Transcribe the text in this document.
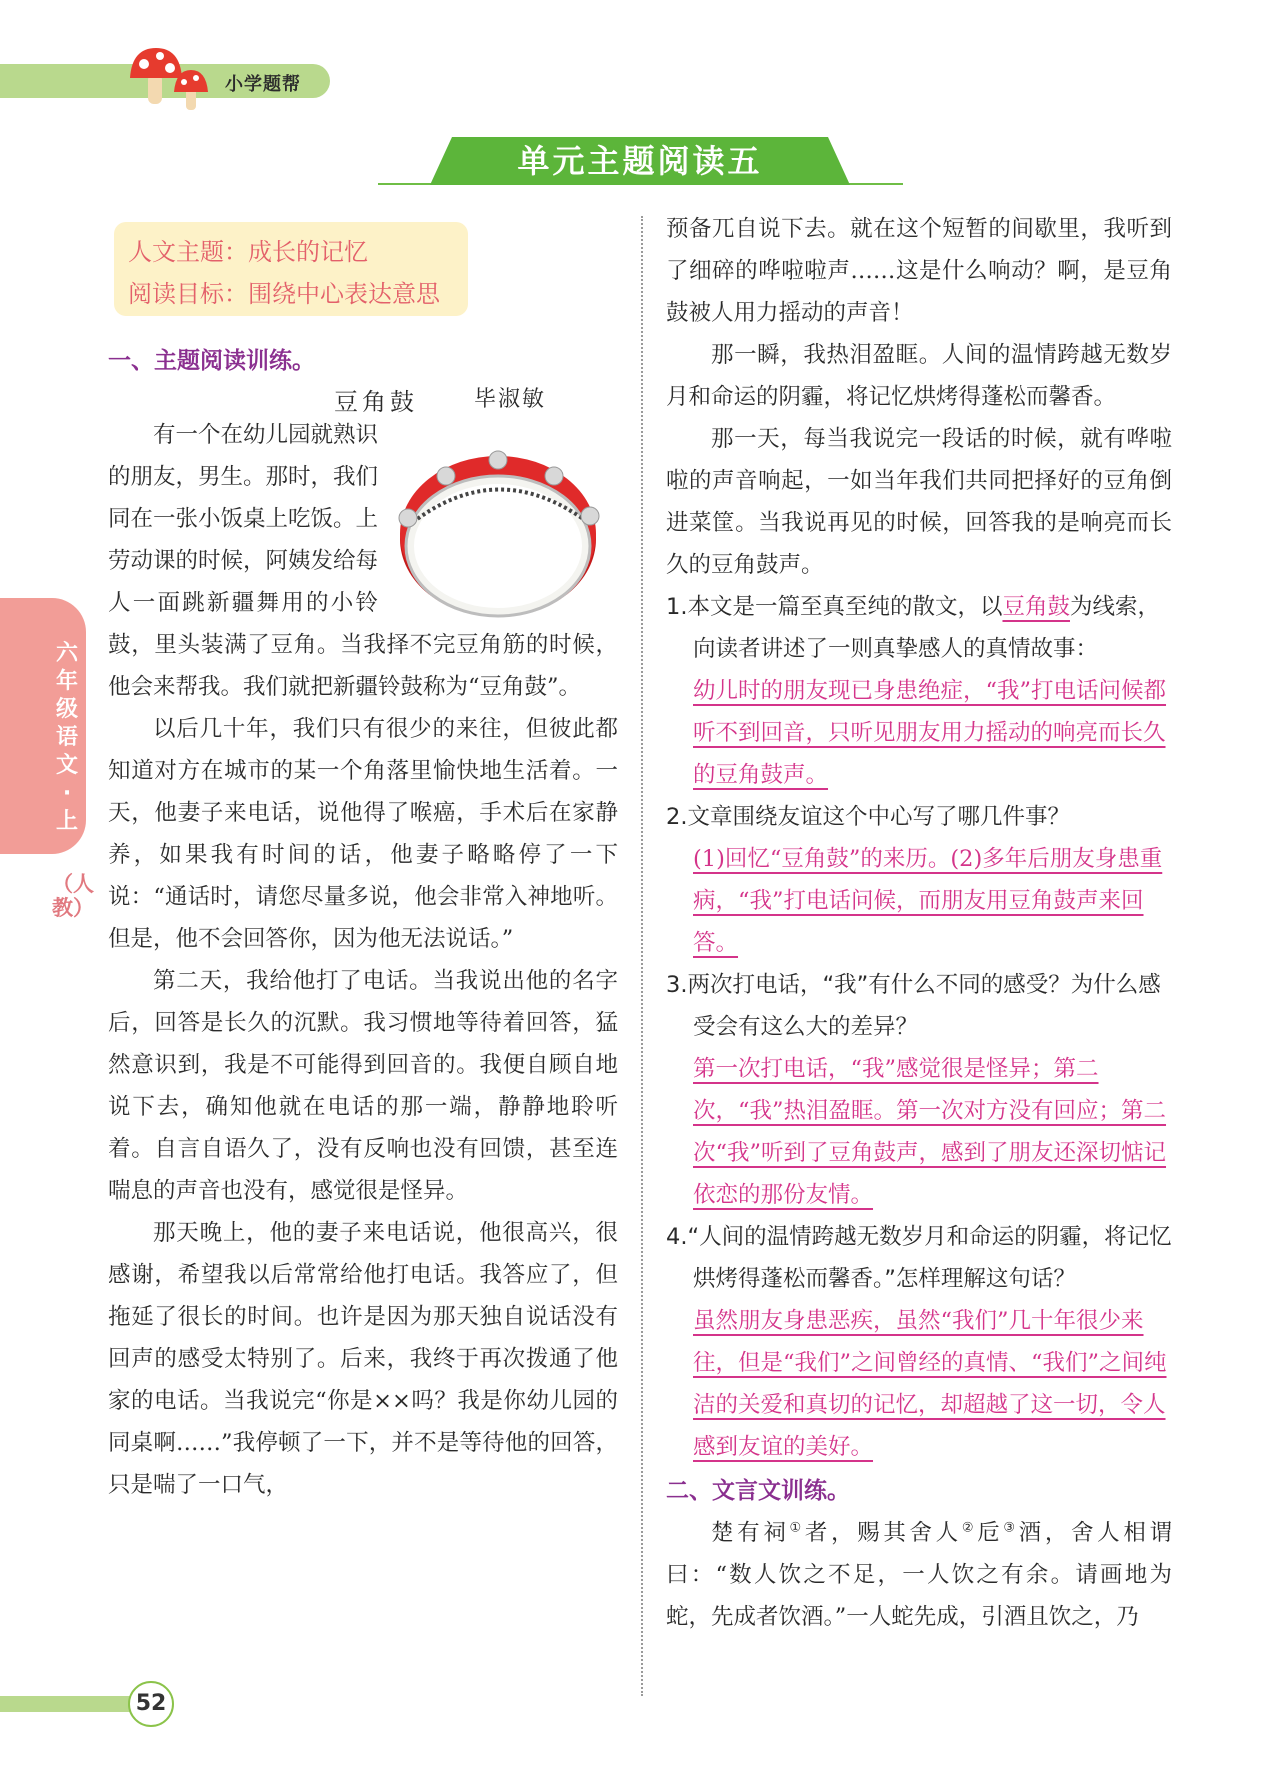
小学题帮
单元主题阅读五
六年级语文·上
（人教）
人文主题：成长的记忆
阅读目标：围绕中心表达意思
一、主题阅读训练。
豆角鼓	毕淑敏

有一个在幼儿园就熟识的朋友，男生。那时，我们同在一张小饭桌上吃饭。上劳动课的时候，阿姨发给每人一面跳新疆舞用的小铃鼓，里头装满了豆角。当我择不完豆角筋的时候，他会来帮我。我们就把新疆铃鼓称为“豆角鼓”。

以后几十年，我们只有很少的来往，但彼此都知道对方在城市的某一个角落里愉快地生活着。一天，他妻子来电话，说他得了喉癌，手术后在家静养，如果我有时间的话，他妻子略略停了一下说：“通话时，请您尽量多说，他会非常入神地听。但是，他不会回答你，因为他无法说话。”

第二天，我给他打了电话。当我说出他的名字后，回答是长久的沉默。我习惯地等待着回答，猛然意识到，我是不可能得到回音的。我便自顾自地说下去，确知他就在电话的那一端，静静地聆听着。自言自语久了，没有反响也没有回馈，甚至连喘息的声音也没有，感觉很是怪异。

那天晚上，他的妻子来电话说，他很高兴，很感谢，希望我以后常常给他打电话。我答应了，但拖延了很长的时间。也许是因为那天独自说话没有回声的感受太特别了。后来，我终于再次拨通了他家的电话。当我说完“你是××吗？我是你幼儿园的同桌啊……”我停顿了一下，并不是等待他的回答，只是喘了一口气，

预备兀自说下去。就在这个短暂的间歇里，我听到了细碎的哗啦啦声……这是什么响动？啊，是豆角鼓被人用力摇动的声音！

那一瞬，我热泪盈眶。人间的温情跨越无数岁月和命运的阴霾，将记忆烘烤得蓬松而馨香。

那一天，每当我说完一段话的时候，就有哗啦啦的声音响起，一如当年我们共同把择好的豆角倒进菜筐。当我说再见的时候，回答我的是响亮而长久的豆角鼓声。

1.本文是一篇至真至纯的散文，以豆角鼓为线索，向读者讲述了一则真挚感人的真情故事：
幼儿时的朋友现已身患绝症，“我”打电话问候都听不到回音，只听见朋友用力摇动的响亮而长久的豆角鼓声。
2.文章围绕友谊这个中心写了哪几件事？
(1)回忆“豆角鼓”的来历。(2)多年后朋友身患重病，“我”打电话问候，而朋友用豆角鼓声来回答。
3.两次打电话，“我”有什么不同的感受？为什么感受会有这么大的差异？
第一次打电话，“我”感觉很是怪异；第二次，“我”热泪盈眶。第一次对方没有回应；第二次“我”听到了豆角鼓声，感到了朋友还深切惦记依恋的那份友情。
4.“人间的温情跨越无数岁月和命运的阴霾，将记忆烘烤得蓬松而馨香。”怎样理解这句话？
虽然朋友身患恶疾，虽然“我们”几十年很少来往，但是“我们”之间曾经的真情、“我们”之间纯洁的关爱和真切的记忆，却超越了这一切，令人感到友谊的美好。
二、文言文训练。

楚有祠①者，赐其舍人②卮③酒，舍人相谓曰：“数人饮之不足，一人饮之有余。请画地为蛇，先成者饮酒。”一人蛇先成，引酒且饮之，乃

52
